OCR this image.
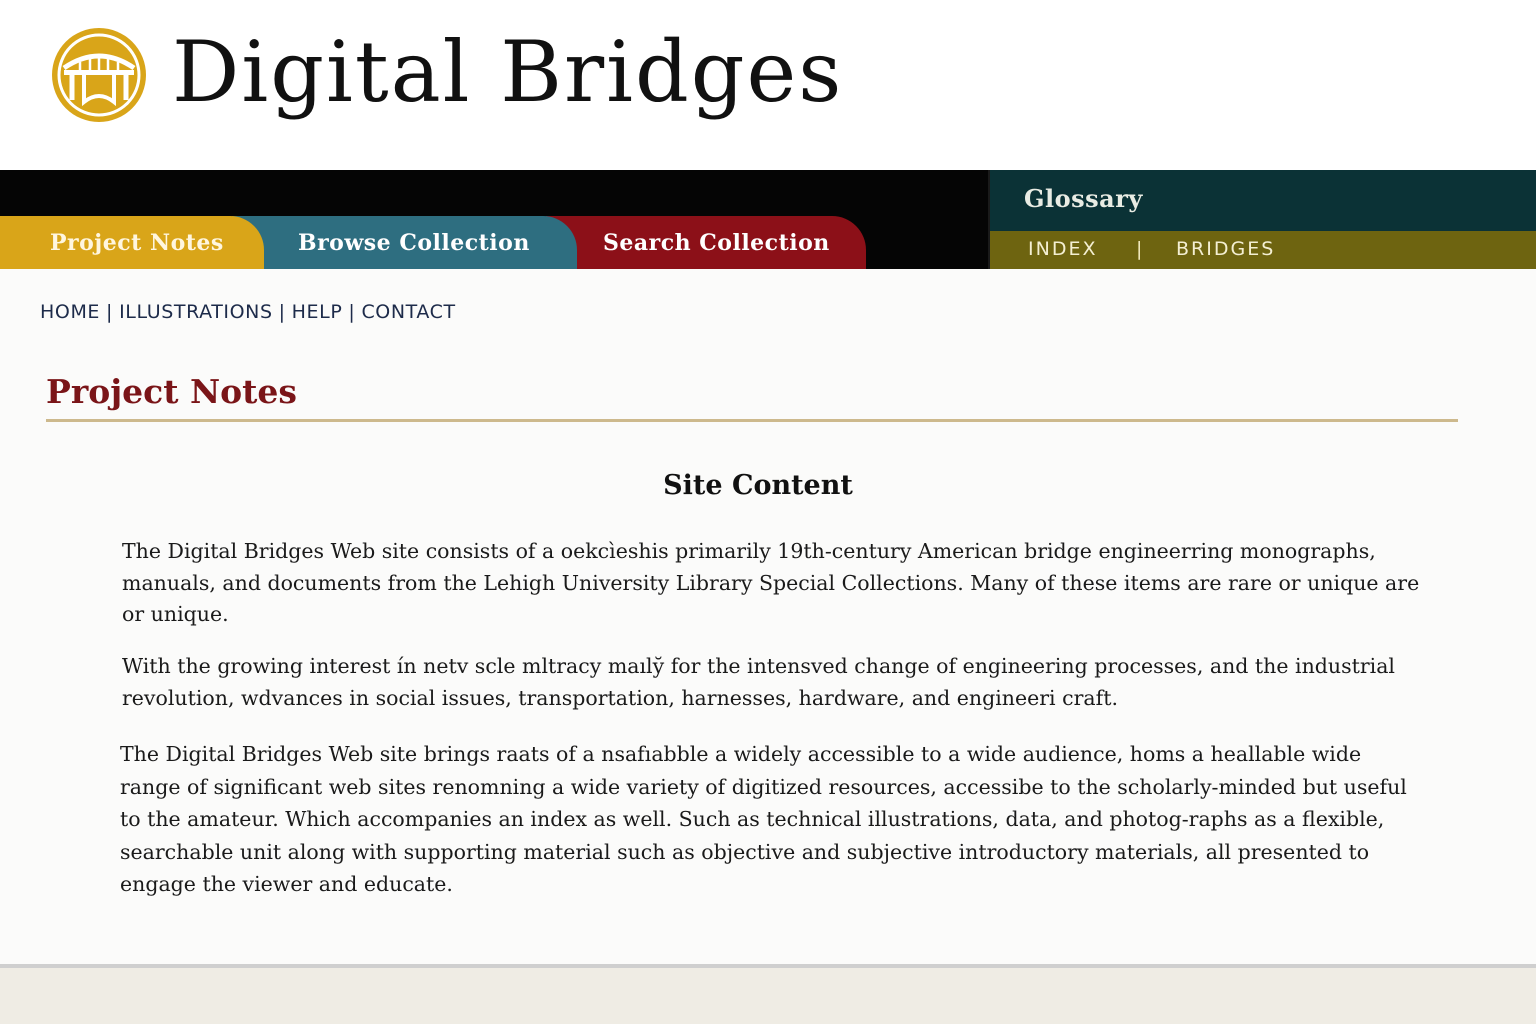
Digital Bridges
Project Notes	Browse Collection	Search Collection
Glossary
INDEX | BRIDGES
HOME | ILLUSTRATIONS | HELP | CONTACT
Project Notes
Site Content

The Digital Bridges Web site consists of a oekcìeshis primarily 19th-century American bridge engineerring monographs, manuals, and documents from the Lehigh University Library Special Collections. Many of these items are rare or unique are or unique.

With the growing interest ín netv scle mltracy maıly̆ for the intensved change of engineering processes, and the industrial revolution, wdvances in social issues, transportation, harnesses, hardware, and engineeri craft.

The Digital Bridges Web site brings raats of a nsafıabble a widely accessible to a wide audience, homs a heallable wide range of significant web sites renomning a wide variety of digitized resources, accessibe to the scholarly-minded but useful to the amateur. Which accompanies an index as well. Such as technical illustrations, data, and photog-raphs as a flexible, searchable unit along with supporting material such as objective and subjective introductory materials, all presented to engage the viewer and educate.
